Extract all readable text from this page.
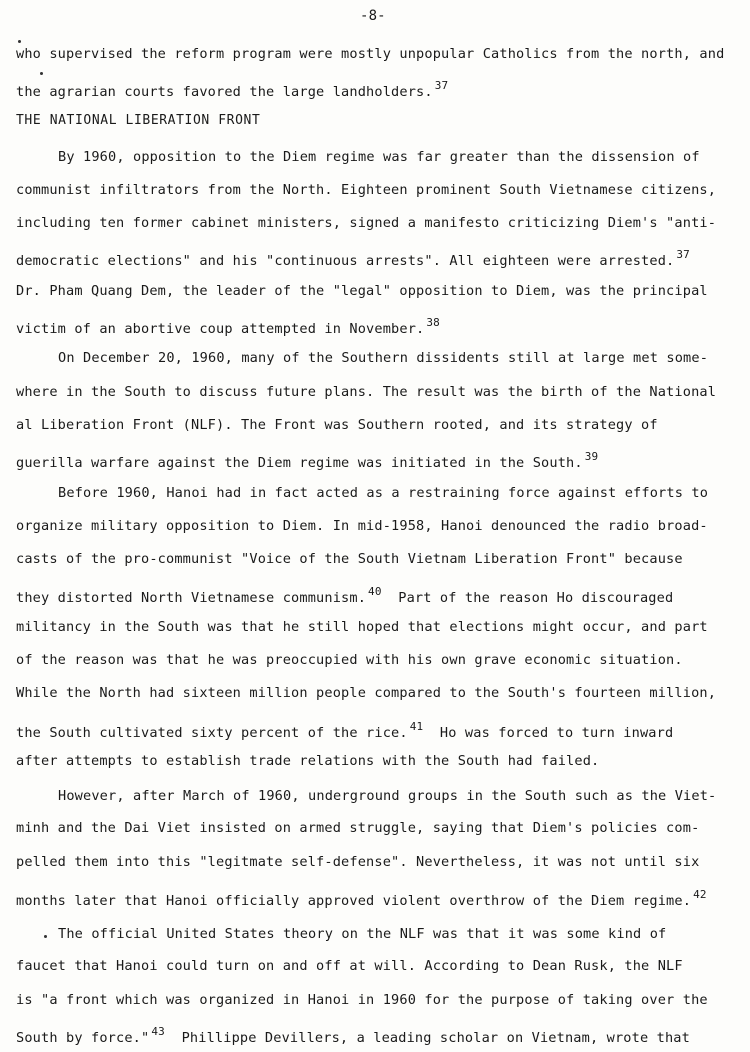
-8-
who supervised the reform program were mostly unpopular Catholics from the north, and
the agrarian courts favored the large landholders. $^{37}$
THE NATIONAL LIBERATION FRONT
By 1960, opposition to the Diem regime was far greater than the dissension of
communist infiltrators from the North. Eighteen prominent South Vietnamese citizens,
including ten former cabinet ministers, signed a manifesto criticizing Diem's "anti-
democratic elections" and his "continuous arrests". All eighteen were arrested. $^{37}$
Dr. Pham Quang Dem, the leader of the "legal" opposition to Diem, was the principal
victim of an abortive coup attempted in November. $^{38}$
On December 20, 1960, many of the Southern dissidents still at large met some-
where in the South to discuss future plans. The result was the birth of the National
al Liberation Front (NLF). The Front was Southern rooted, and its strategy of
guerilla warfare against the Diem regime was initiated in the South. $^{39}$
Before 1960, Hanoi had in fact acted as a restraining force against efforts to
organize military opposition to Diem. In mid-1958, Hanoi denounced the radio broad-
casts of the pro-communist "Voice of the South Vietnam Liberation Front" because
they distorted North Vietnamese communism. $^{40}$  Part of the reason Ho discouraged
militancy in the South was that he still hoped that elections might occur, and part
of the reason was that he was preoccupied with his own grave economic situation.
While the North had sixteen million people compared to the South's fourteen million,
the South cultivated sixty percent of the rice. $^{41}$  Ho was forced to turn inward
after attempts to establish trade relations with the South had failed.
However, after March of 1960, underground groups in the South such as the Viet-
minh and the Dai Viet insisted on armed struggle, saying that Diem's policies com-
pelled them into this "legitmate self-defense". Nevertheless, it was not until six
months later that Hanoi officially approved violent overthrow of the Diem regime. $^{42}$
The official United States theory on the NLF was that it was some kind of
faucet that Hanoi could turn on and off at will. According to Dean Rusk, the NLF
is "a front which was organized in Hanoi in 1960 for the purpose of taking over the
South by force." $^{43}$  Phillippe Devillers, a leading scholar on Vietnam, wrote that
